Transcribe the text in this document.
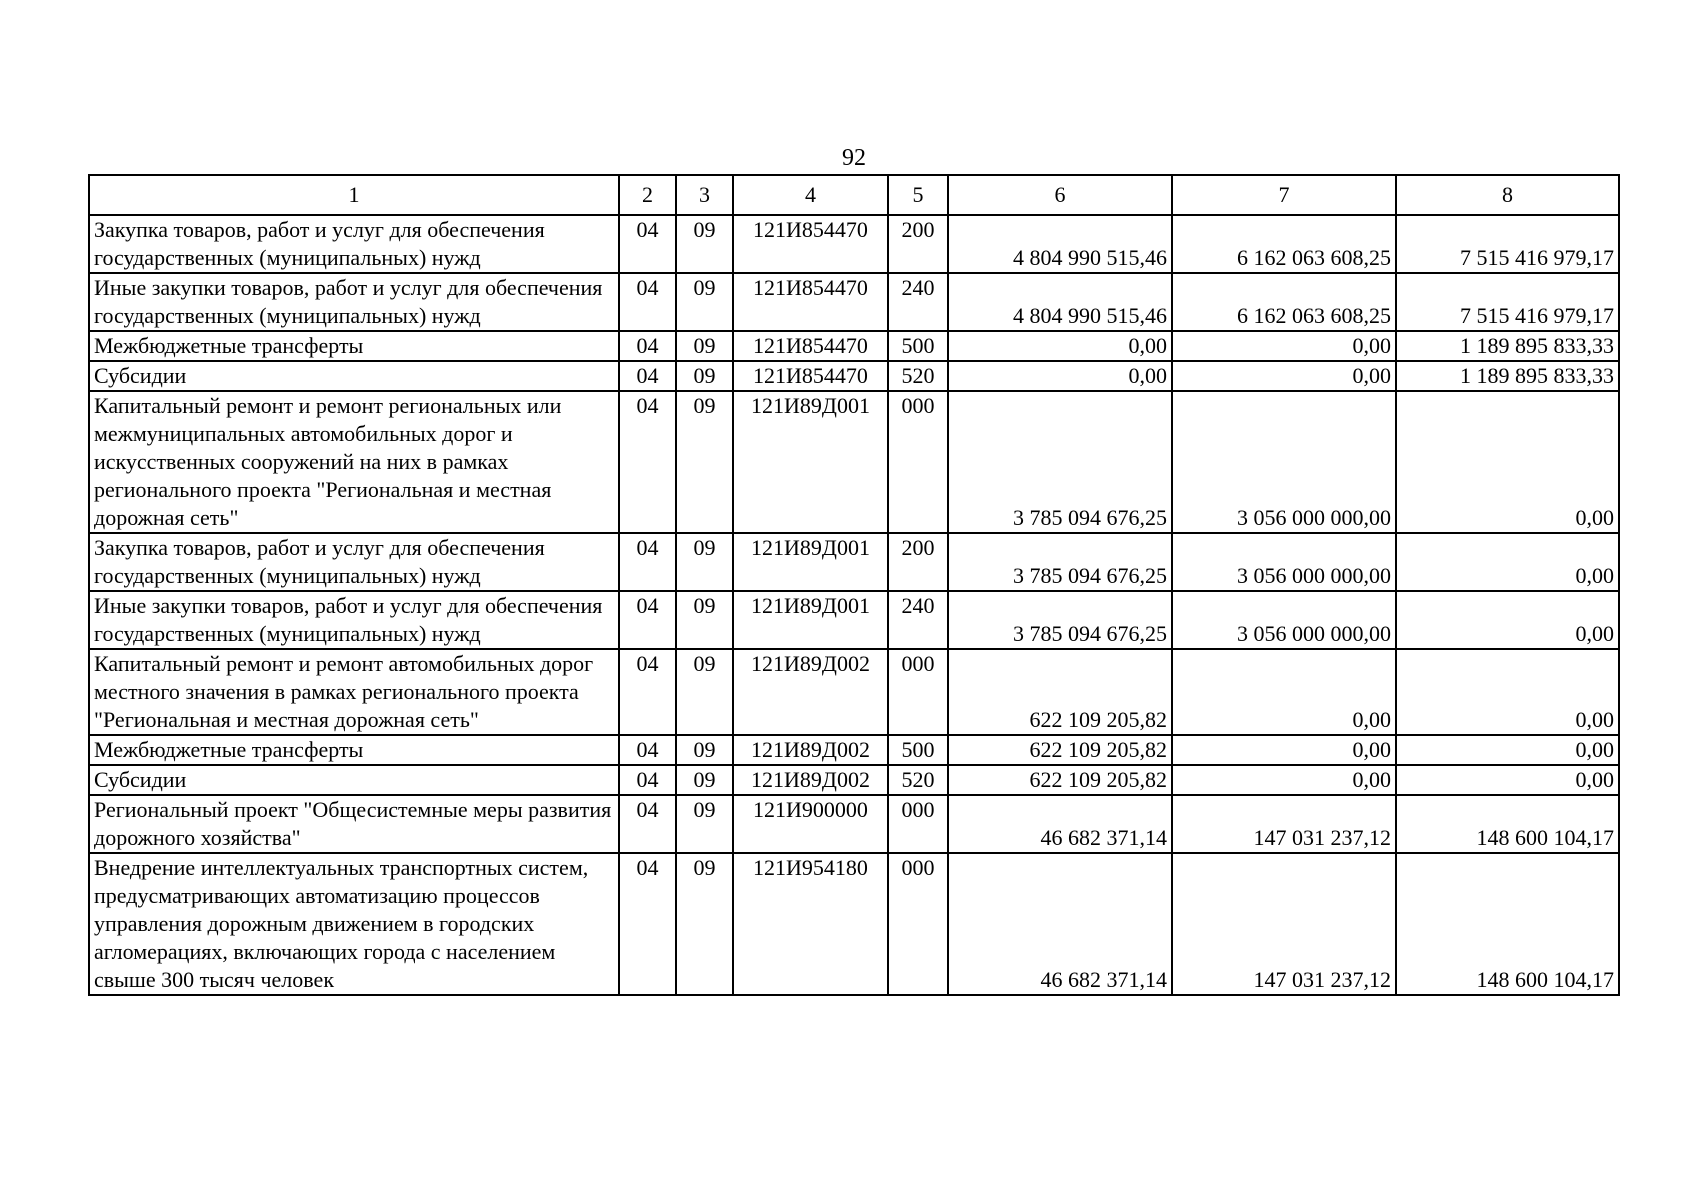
92
1	2	3	4	5	6	7	8
Закупка товаров, работ и услуг для обеспечения государственных (муниципальных) нужд	04	09	121И854470	200	4 804 990 515,46	6 162 063 608,25	7 515 416 979,17
Иные закупки товаров, работ и услуг для обеспечения государственных (муниципальных) нужд	04	09	121И854470	240	4 804 990 515,46	6 162 063 608,25	7 515 416 979,17
Межбюджетные трансферты	04	09	121И854470	500	0,00	0,00	1 189 895 833,33
Субсидии	04	09	121И854470	520	0,00	0,00	1 189 895 833,33
Капитальный ремонт и ремонт региональных или межмуниципальных автомобильных дорог и искусственных сооружений на них в рамках регионального проекта "Региональная и местная дорожная сеть"	04	09	121И89Д001	000	3 785 094 676,25	3 056 000 000,00	0,00
Закупка товаров, работ и услуг для обеспечения государственных (муниципальных) нужд	04	09	121И89Д001	200	3 785 094 676,25	3 056 000 000,00	0,00
Иные закупки товаров, работ и услуг для обеспечения государственных (муниципальных) нужд	04	09	121И89Д001	240	3 785 094 676,25	3 056 000 000,00	0,00
Капитальный ремонт и ремонт автомобильных дорог местного значения в рамках регионального проекта "Региональная и местная дорожная сеть"	04	09	121И89Д002	000	622 109 205,82	0,00	0,00
Межбюджетные трансферты	04	09	121И89Д002	500	622 109 205,82	0,00	0,00
Субсидии	04	09	121И89Д002	520	622 109 205,82	0,00	0,00
Региональный проект "Общесистемные меры развития дорожного хозяйства"	04	09	121И900000	000	46 682 371,14	147 031 237,12	148 600 104,17
Внедрение интеллектуальных транспортных систем, предусматривающих автоматизацию процессов управления дорожным движением в городских агломерациях, включающих города с населением свыше 300 тысяч человек	04	09	121И954180	000	46 682 371,14	147 031 237,12	148 600 104,17
